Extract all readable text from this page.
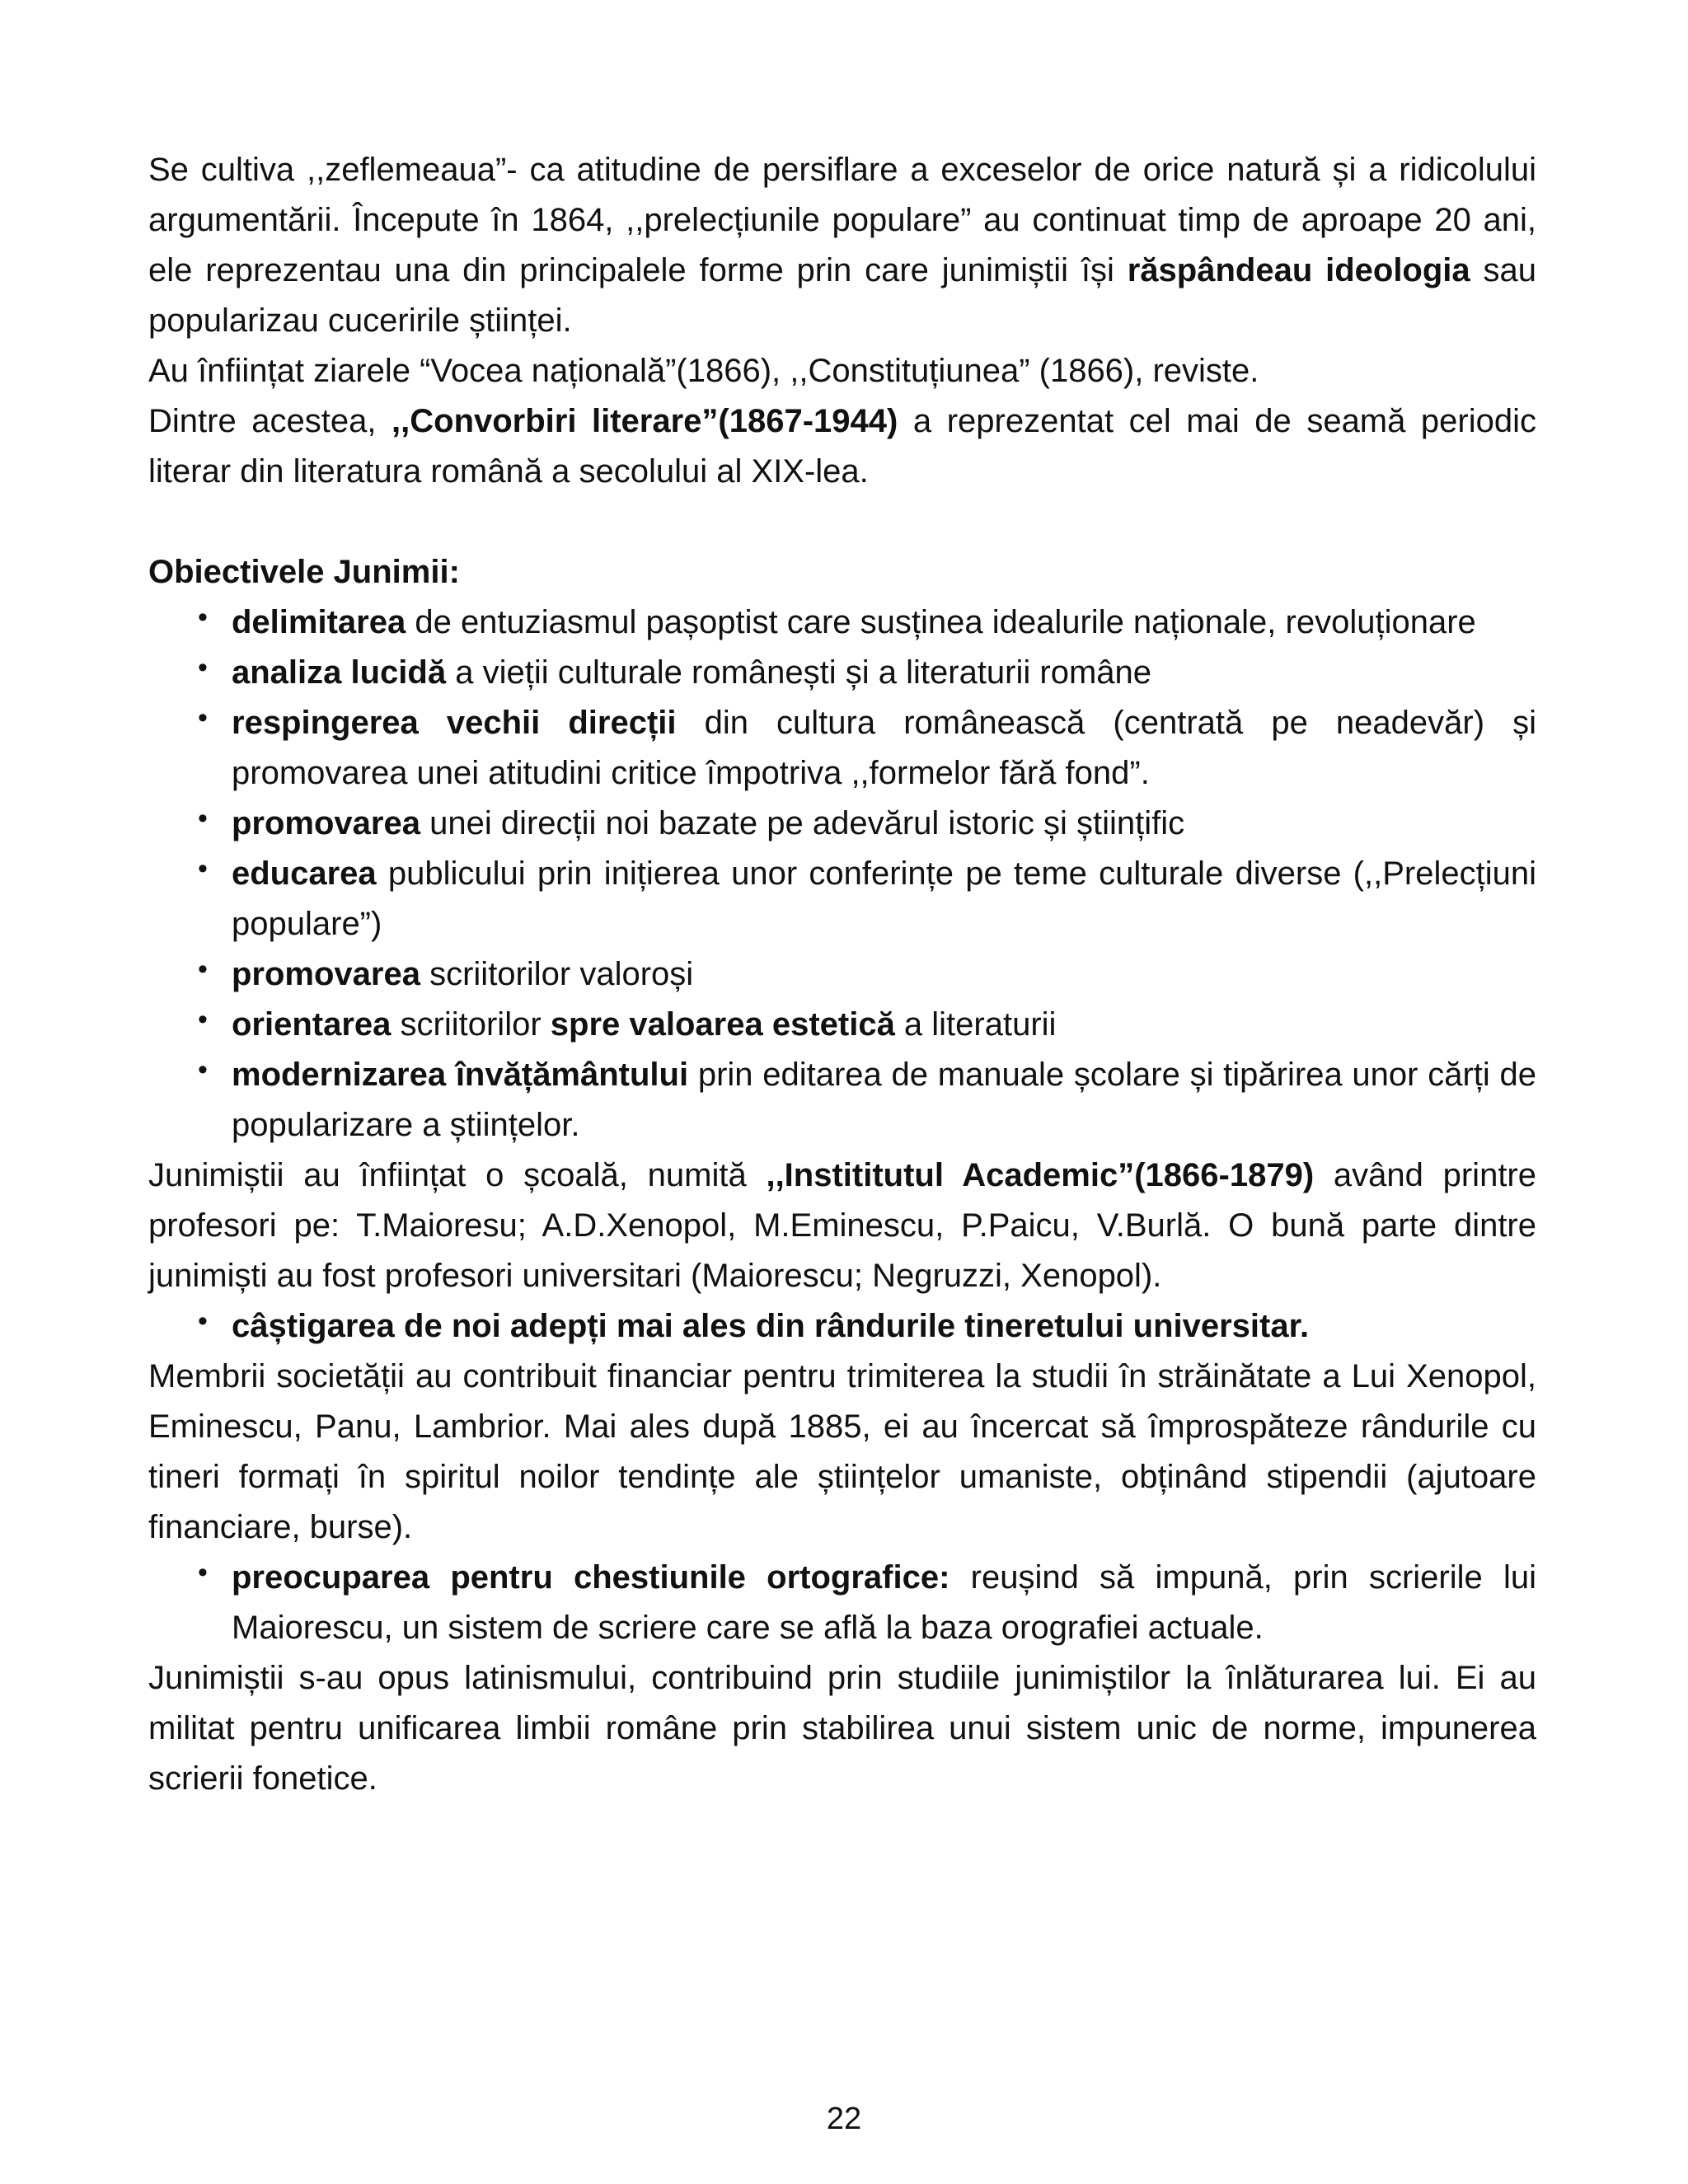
Se cultiva ,,zeflemeaua”- ca atitudine de persiflare a exceselor de orice natură și a ridicolului argumentării. Începute în 1864, ,,prelecțiunile populare” au continuat timp de aproape 20 ani, ele reprezentau una din principalele forme prin care junimiștii își răspândeau ideologia sau popularizau cuceririle științei.

Au înființat ziarele “Vocea națională”(1866), ,,Constituțiunea” (1866), reviste.

Dintre acestea, ,,Convorbiri literare”(1867-1944) a reprezentat cel mai de seamă periodic literar din literatura română a secolului al XIX-lea.

Obiectivele Junimii:

• delimitarea de entuziasmul pașoptist care susținea idealurile naționale, revoluționare
• analiza lucidă a vieții culturale românești și a literaturii române
• respingerea vechii direcții din cultura românească (centrată pe neadevăr) și promovarea unei atitudini critice împotriva ,,formelor fără fond”.
• promovarea unei direcții noi bazate pe adevărul istoric și științific
• educarea publicului prin inițierea unor conferințe pe teme culturale diverse (,,Prelecțiuni populare”)
• promovarea scriitorilor valoroși
• orientarea scriitorilor spre valoarea estetică a literaturii
• modernizarea învățământului prin editarea de manuale școlare și tipărirea unor cărți de popularizare a științelor.

Junimiștii au înființat o școală, numită ,,Instititutul Academic”(1866-1879) având printre profesori pe: T.Maioresu; A.D.Xenopol, M.Eminescu, P.Paicu, V.Burlă. O bună parte dintre junimiști au fost profesori universitari (Maiorescu; Negruzzi, Xenopol).

• câștigarea de noi adepți mai ales din rândurile tineretului universitar.

Membrii societății au contribuit financiar pentru trimiterea la studii în străinătate a Lui Xenopol, Eminescu, Panu, Lambrior. Mai ales după 1885, ei au încercat să împrospăteze rândurile cu tineri formați în spiritul noilor tendințe ale științelor umaniste, obținând stipendii (ajutoare financiare, burse).

• preocuparea pentru chestiunile ortografice: reușind să impună, prin scrierile lui Maiorescu, un sistem de scriere care se află la baza orografiei actuale.

Junimiștii s-au opus latinismului, contribuind prin studiile junimiștilor la înlăturarea lui. Ei au militat pentru unificarea limbii române prin stabilirea unui sistem unic de norme, impunerea scrierii fonetice.

22
